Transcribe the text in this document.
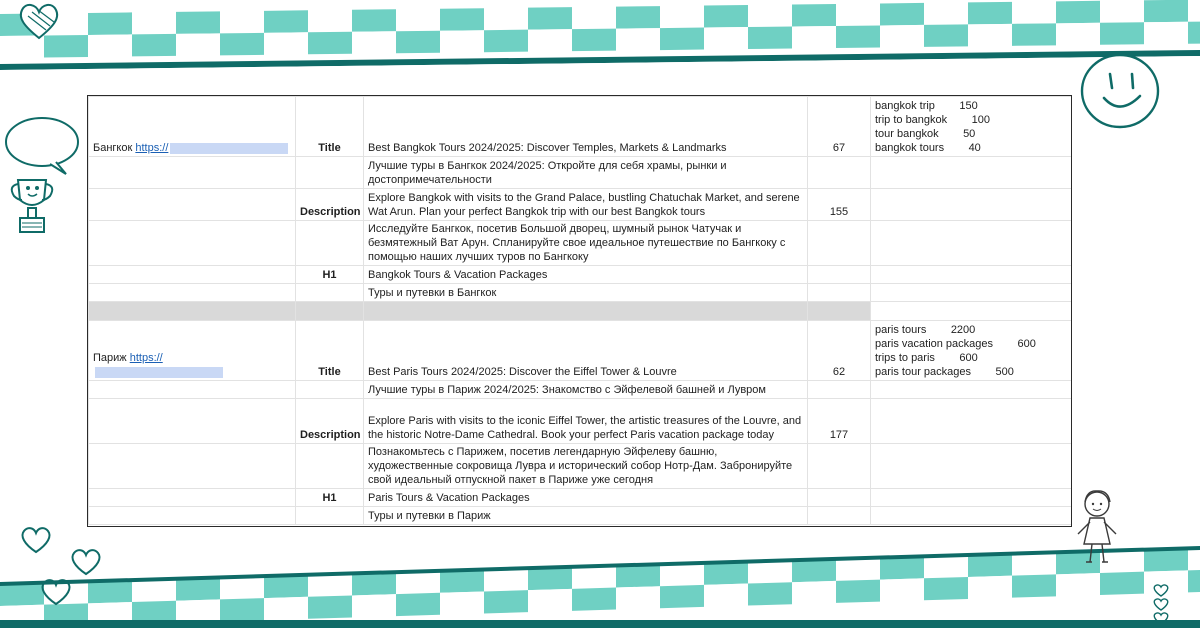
Бангкок https://	Title	Best Bangkok Tours 2024/2025: Discover Temples, Markets & Landmarks	67	bangkok trip 150
trip to bangkok 100
tour bangkok 50
bangkok tours 40

		Лучшие туры в Бангкок 2024/2025: Откройте для себя храмы, рынки и достопримечательности		
	Description	Explore Bangkok with visits to the Grand Palace, bustling Chatuchak Market, and serene Wat Arun. Plan your perfect Bangkok trip with our best Bangkok tours	155	
		Исследуйте Бангкок, посетив Большой дворец, шумный рынок Чатучак и безмятежный Ват Арун. Спланируйте свое идеальное путешествие по Бангкоку с помощью наших лучших туров по Бангкоку		
	H1	Bangkok Tours & Vacation Packages		
		Туры и путевки в Бангкок		

Париж https://	Title	Best Paris Tours 2024/2025: Discover the Eiffel Tower & Louvre	62	paris tours 2200
paris vacation packages 600
trips to paris 600
paris tour packages 500

		Лучшие туры в Париж 2024/2025: Знакомство с Эйфелевой башней и Лувром		
	Description	Explore Paris with visits to the iconic Eiffel Tower, the artistic treasures of the Louvre, and the historic Notre-Dame Cathedral. Book your perfect Paris vacation package today	177	
		Познакомьтесь с Парижем, посетив легендарную Эйфелеву башню, художественные сокровища Лувра и исторический собор Нотр-Дам. Забронируйте свой идеальный отпускной пакет в Париже уже сегодня		
	H1	Paris Tours & Vacation Packages		
		Туры и путевки в Париж		
